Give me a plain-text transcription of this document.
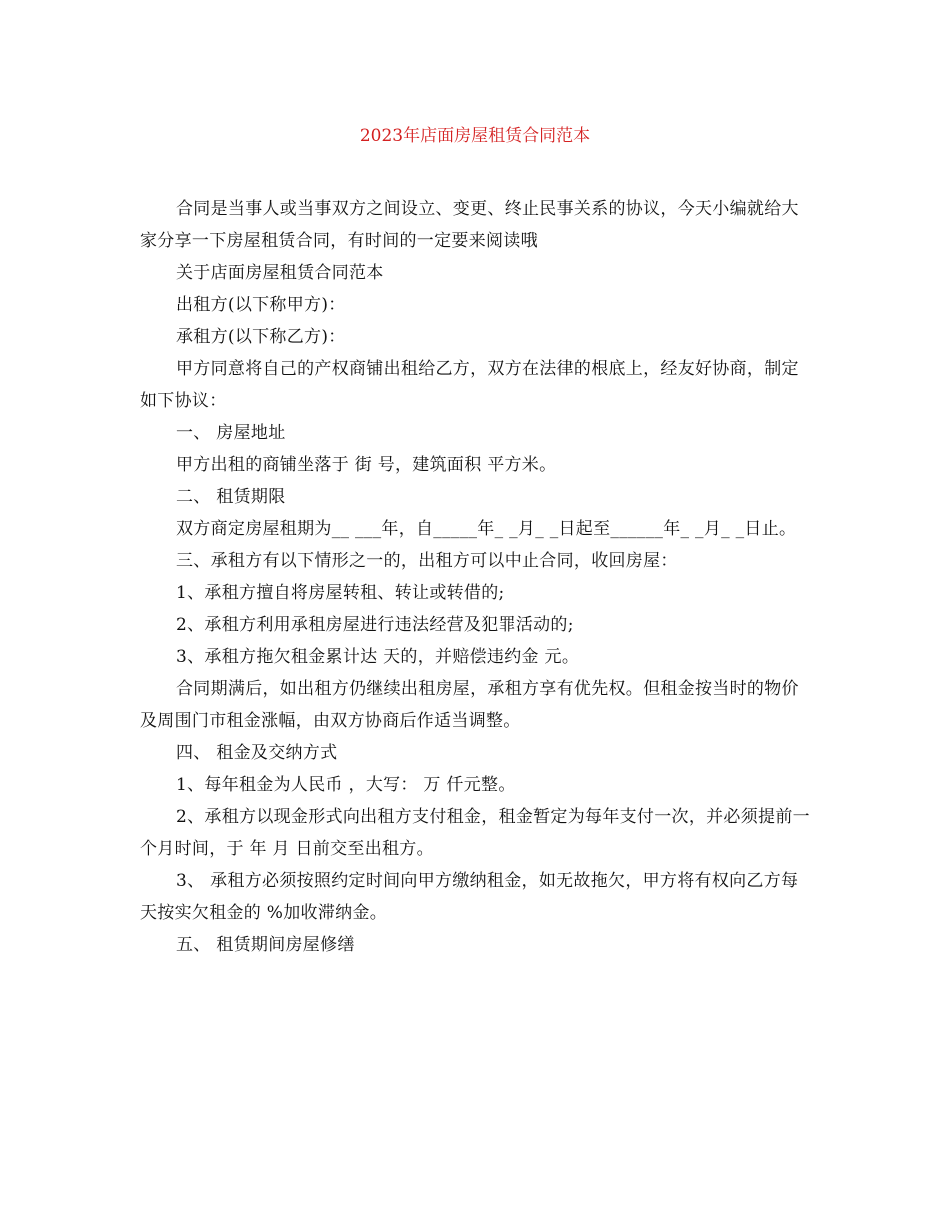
2023年店面房屋租赁合同范本

合同是当事人或当事双方之间设立、变更、终止民事关系的协议，今天小编就给大家分享一下房屋租赁合同，有时间的一定要来阅读哦

关于店面房屋租赁合同范本

出租方(以下称甲方)：

承租方(以下称乙方)：

甲方同意将自己的产权商铺出租给乙方，双方在法律的根底上，经友好协商，制定如下协议：

一、 房屋地址

甲方出租的商铺坐落于 街 号，建筑面积 平方米。

二、 租赁期限

双方商定房屋租期为__ ___年，自_____年_ _月_ _日起至______年_ _月_ _日止。

三、承租方有以下情形之一的，出租方可以中止合同，收回房屋：

1、承租方擅自将房屋转租、转让或转借的;

2、承租方利用承租房屋进行违法经营及犯罪活动的;

3、承租方拖欠租金累计达 天的，并赔偿违约金 元。

合同期满后，如出租方仍继续出租房屋，承租方享有优先权。但租金按当时的物价及周围门市租金涨幅，由双方协商后作适当调整。

四、 租金及交纳方式

1、每年租金为人民币 ，大写： 万 仟元整。

2、承租方以现金形式向出租方支付租金，租金暂定为每年支付一次，并必须提前一个月时间，于 年 月 日前交至出租方。

3、 承租方必须按照约定时间向甲方缴纳租金，如无故拖欠，甲方将有权向乙方每天按实欠租金的 %加收滞纳金。

五、 租赁期间房屋修缮
